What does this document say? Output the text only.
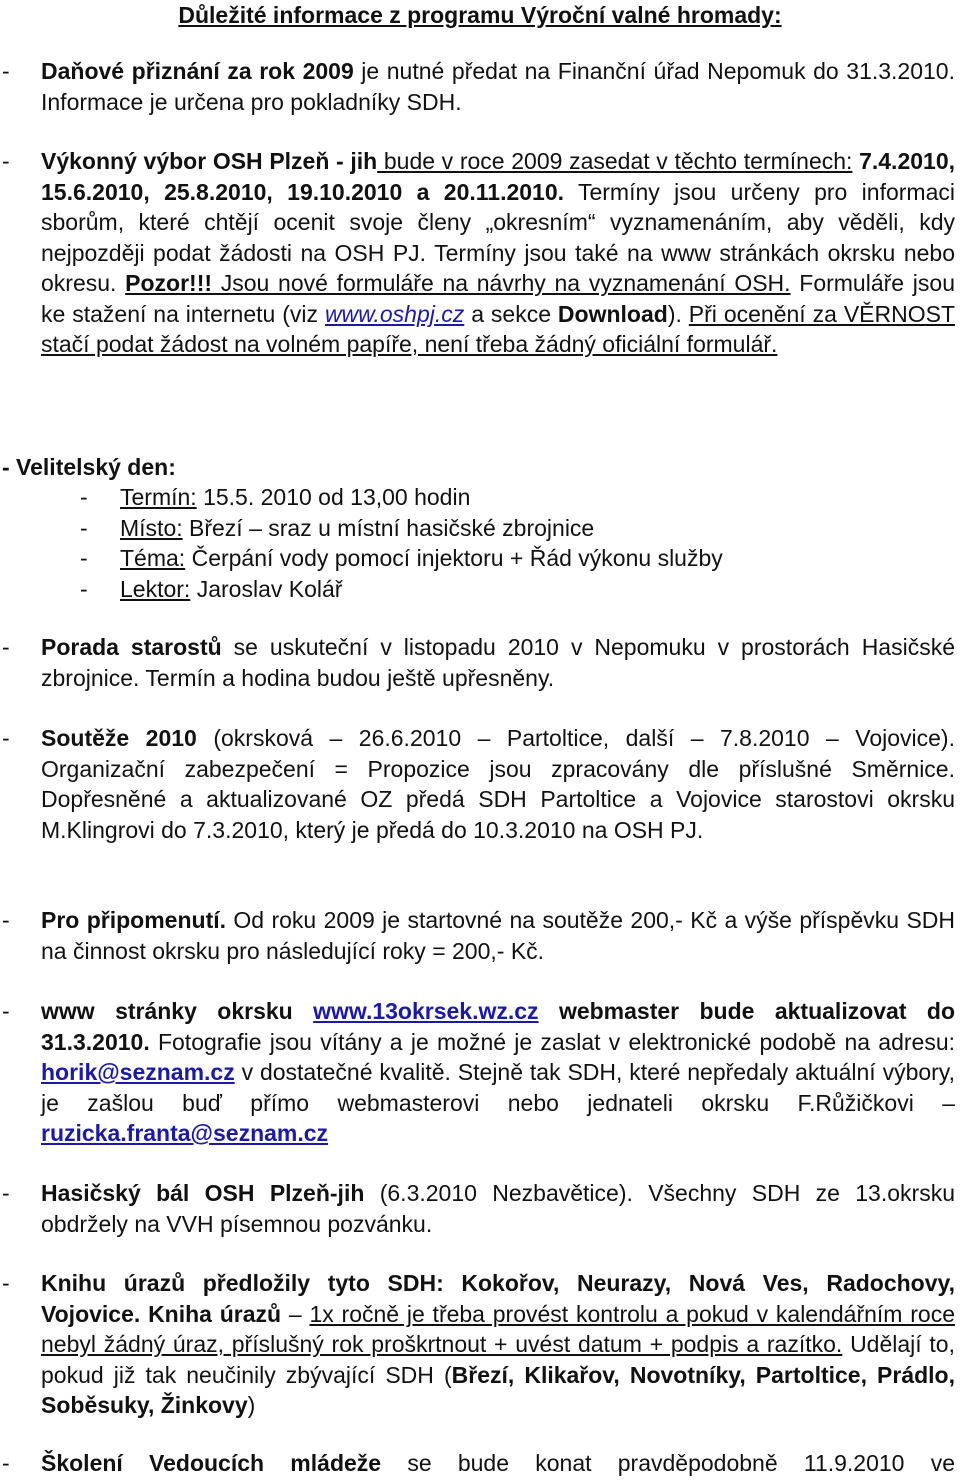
Důležité informace z programu Výroční valné hromady:
- Daňové přiznání za rok 2009 je nutné předat na Finanční úřad Nepomuk do 31.3.2010. Informace je určena pro pokladníky SDH.
- Výkonný výbor OSH Plzeň - jih bude v roce 2009 zasedat v těchto termínech: 7.4.2010, 15.6.2010, 25.8.2010, 19.10.2010 a 20.11.2010. Termíny jsou určeny pro informaci sborům, které chtějí ocenit svoje členy „okresním“ vyznamenáním, aby věděli, kdy nejpozději podat žádosti na OSH PJ. Termíny jsou také na www stránkách okrsku nebo okresu. Pozor!!! Jsou nové formuláře na návrhy na vyznamenání OSH. Formuláře jsou ke stažení na internetu (viz www.oshpj.cz a sekce Download). Při ocenění za VĚRNOST stačí podat žádost na volném papíře, není třeba žádný oficiální formulář.
- Velitelský den:
- Termín: 15.5. 2010 od 13,00 hodin
- Místo: Březí – sraz u místní hasičské zbrojnice
- Téma: Čerpání vody pomocí injektoru + Řád výkonu služby
- Lektor: Jaroslav Kolář
- Porada starostů se uskuteční v listopadu 2010 v Nepomuku v prostorách Hasičské zbrojnice. Termín a hodina budou ještě upřesněny.
- Soutěže 2010 (okrsková – 26.6.2010 – Partoltice, další – 7.8.2010 – Vojovice). Organizační zabezpečení = Propozice jsou zpracovány dle příslušné Směrnice. Dopřesněné a aktualizované OZ předá SDH Partoltice a Vojovice starostovi okrsku M.Klingrovi do 7.3.2010, který je předá do 10.3.2010 na OSH PJ.
- Pro připomenutí. Od roku 2009 je startovné na soutěže 200,- Kč a výše příspěvku SDH na činnost okrsku pro následující roky = 200,- Kč.
- www stránky okrsku www.13okrsek.wz.cz webmaster bude aktualizovat do 31.3.2010. Fotografie jsou vítány a je možné je zaslat v elektronické podobě na adresu: horik@seznam.cz v dostatečné kvalitě. Stejně tak SDH, které nepředaly aktuální výbory, je zašlou buď přímo webmasterovi nebo jednateli okrsku F.Růžičkovi – ruzicka.franta@seznam.cz
- Hasičský bál OSH Plzeň-jih (6.3.2010 Nezbavětice). Všechny SDH ze 13.okrsku obdržely na VVH písemnou pozvánku.
- Knihu úrazů předložily tyto SDH: Kokořov, Neurazy, Nová Ves, Radochovy, Vojovice. Kniha úrazů – 1x ročně je třeba provést kontrolu a pokud v kalendářním roce nebyl žádný úraz, příslušný rok proškrtnout + uvést datum + podpis a razítko. Udělají to, pokud již tak neučinily zbývající SDH (Březí, Klikařov, Novotníky, Partoltice, Prádlo, Soběsuky, Žinkovy)
- Školení Vedoucích mládeže se bude konat pravděpodobně 11.9.2010 ve
